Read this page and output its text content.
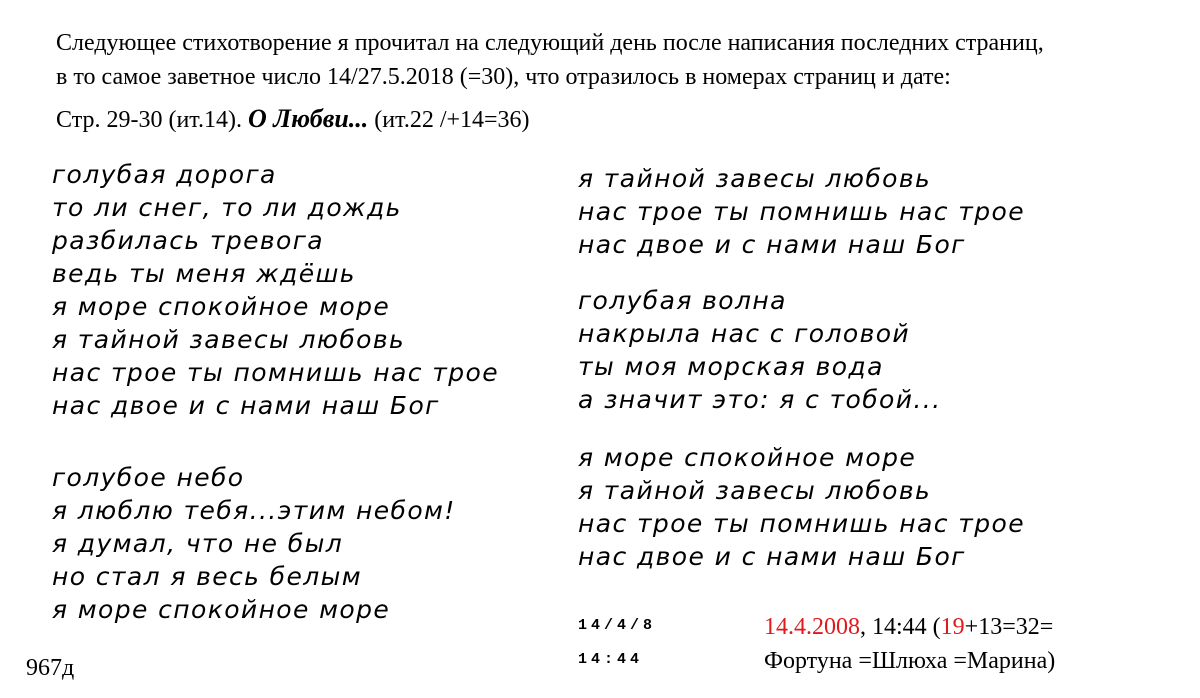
Следующее стихотворение я прочитал на следующий день после написания последних страниц,
в то самое заветное число 14/27.5.2018 (=30), что отразилось в номерах страниц и дате:
Стр. 29-30 (ит.14). О Любви... (ит.22 /+14=36)
голубая дорога
то ли снег, то ли дождь
разбилась тревога
ведь ты меня ждёшь
я море спокойное море
я тайной завесы любовь
нас трое ты помнишь нас трое
нас двое и с нами наш Бог
голубое небо
я люблю тебя...этим небом!
я думал, что не был
но стал я весь белым
я море спокойное море
я тайной завесы любовь
нас трое ты помнишь нас трое
нас двое и с нами наш Бог
голубая волна
накрыла нас с головой
ты моя морская вода
а значит это: я с тобой...
я море спокойное море
я тайной завесы любовь
нас трое ты помнишь нас трое
нас двое и с нами наш Бог
14/4/8
14:44
14.4.2008, 14:44 (19+13=32=
Фортуна =Шлюха =Марина)
967д
